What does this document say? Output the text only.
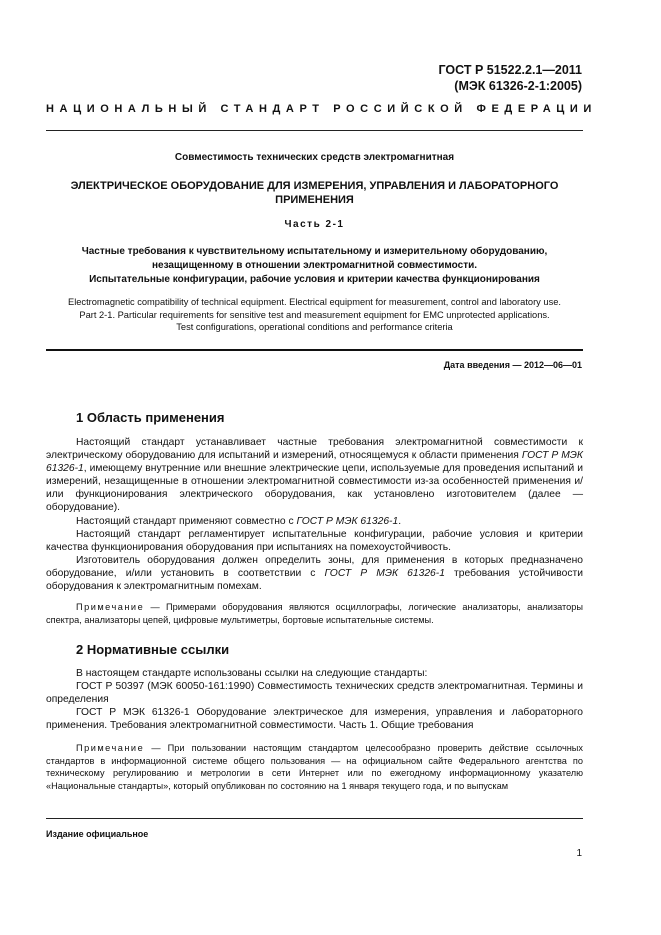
ГОСТ Р 51522.2.1—2011
(МЭК 61326-2-1:2005)
НАЦИОНАЛЬНЫЙ СТАНДАРТ РОССИЙСКОЙ ФЕДЕРАЦИИ
Совместимость технических средств электромагнитная
ЭЛЕКТРИЧЕСКОЕ ОБОРУДОВАНИЕ ДЛЯ ИЗМЕРЕНИЯ, УПРАВЛЕНИЯ И ЛАБОРАТОРНОГО ПРИМЕНЕНИЯ
Часть 2-1
Частные требования к чувствительному испытательному и измерительному оборудованию, незащищенному в отношении электромагнитной совместимости.
Испытательные конфигурации, рабочие условия и критерии качества функционирования
Electromagnetic compatibility of technical equipment. Electrical equipment for measurement, control and laboratory use.
Part 2-1. Particular requirements for sensitive test and measurement equipment for EMC unprotected applications.
Test configurations, operational conditions and performance criteria
Дата введения — 2012—06—01
1 Область применения

Настоящий стандарт устанавливает частные требования электромагнитной совместимости к электрическому оборудованию для испытаний и измерений, относящемуся к области применения ГОСТ Р МЭК 61326-1, имеющему внутренние или внешние электрические цепи, используемые для проведения испытаний и измерений, незащищенные в отношении электромагнитной совместимости из-за особенностей применения и/или функционирования электрического оборудования, как установлено изготовителем (далее — оборудование).

Настоящий стандарт применяют совместно с ГОСТ Р МЭК 61326-1.

Настоящий стандарт регламентирует испытательные конфигурации, рабочие условия и критерии качества функционирования оборудования при испытаниях на помехоустойчивость.

Изготовитель оборудования должен определить зоны, для применения в которых предназначено оборудование, и/или установить в соответствии с ГОСТ Р МЭК 61326-1 требования устойчивости оборудования к электромагнитным помехам.

Примечание — Примерами оборудования являются осциллографы, логические анализаторы, анализаторы спектра, анализаторы цепей, цифровые мультиметры, бортовые испытательные системы.

2 Нормативные ссылки

В настоящем стандарте использованы ссылки на следующие стандарты:

ГОСТ Р 50397 (МЭК 60050-161:1990) Совместимость технических средств электромагнитная. Термины и определения

ГОСТ Р МЭК 61326-1 Оборудование электрическое для измерения, управления и лабораторного применения. Требования электромагнитной совместимости. Часть 1. Общие требования

Примечание — При пользовании настоящим стандартом целесообразно проверить действие ссылочных стандартов в информационной системе общего пользования — на официальном сайте Федерального агентства по техническому регулированию и метрологии в сети Интернет или по ежегодному информационному указателю «Национальные стандарты», который опубликован по состоянию на 1 января текущего года, и по выпускам

Издание официальное
1
